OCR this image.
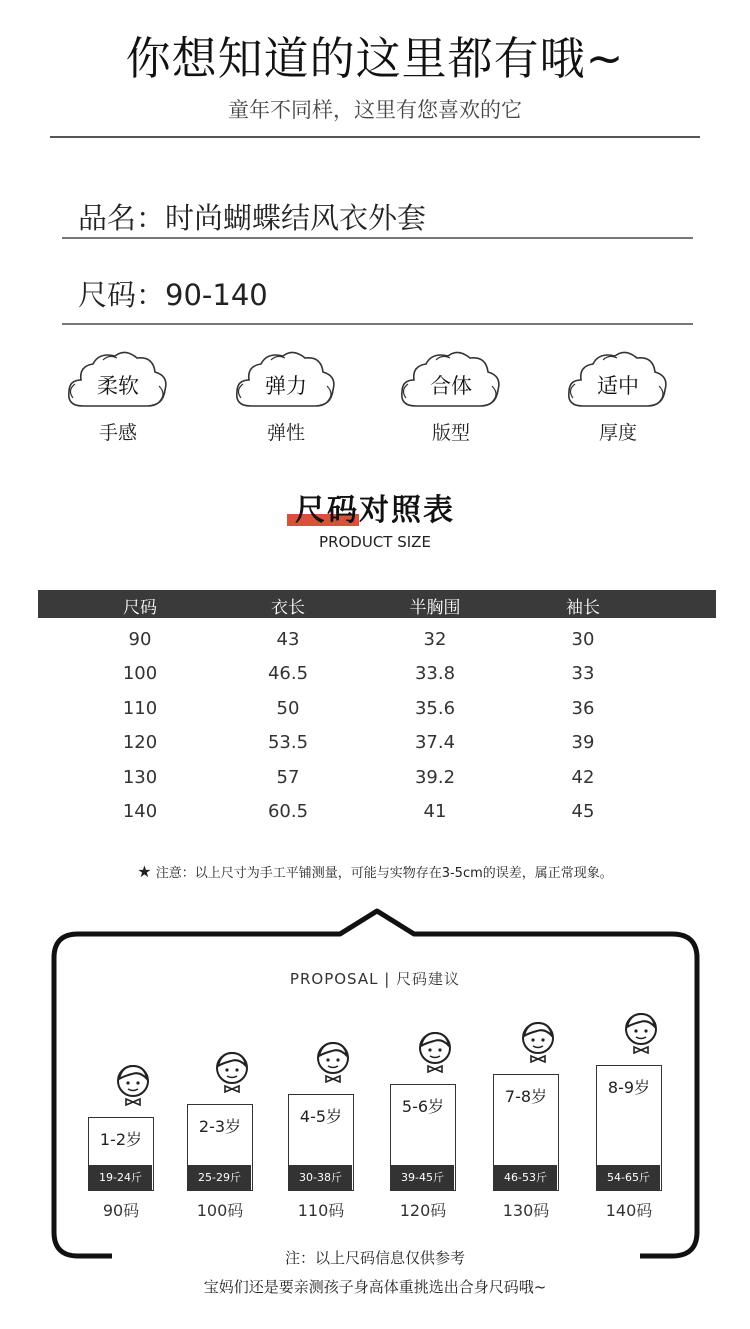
你想知道的这里都有哦~
童年不同样，这里有您喜欢的它
品名：时尚蝴蝶结风衣外套
尺码：90-140
柔软
手感
弹力
弹性
合体
版型
适中
厚度
尺码对照表
PRODUCT SIZE
尺码	衣长	半胸围	袖长
90	43	32	30
100	46.5	33.8	33
110	50	35.6	36
120	53.5	37.4	39
130	57	39.2	42
140	60.5	41	45
★ 注意：以上尺寸为手工平铺测量，可能与实物存在3-5cm的误差，属正常现象。
PROPOSAL | 尺码建议
1-2岁
19-24斤
90码
2-3岁
25-29斤
100码
4-5岁
30-38斤
110码
5-6岁
39-45斤
120码
7-8岁
46-53斤
130码
8-9岁
54-65斤
140码
注：以上尺码信息仅供参考
宝妈们还是要亲测孩子身高体重挑选出合身尺码哦~
